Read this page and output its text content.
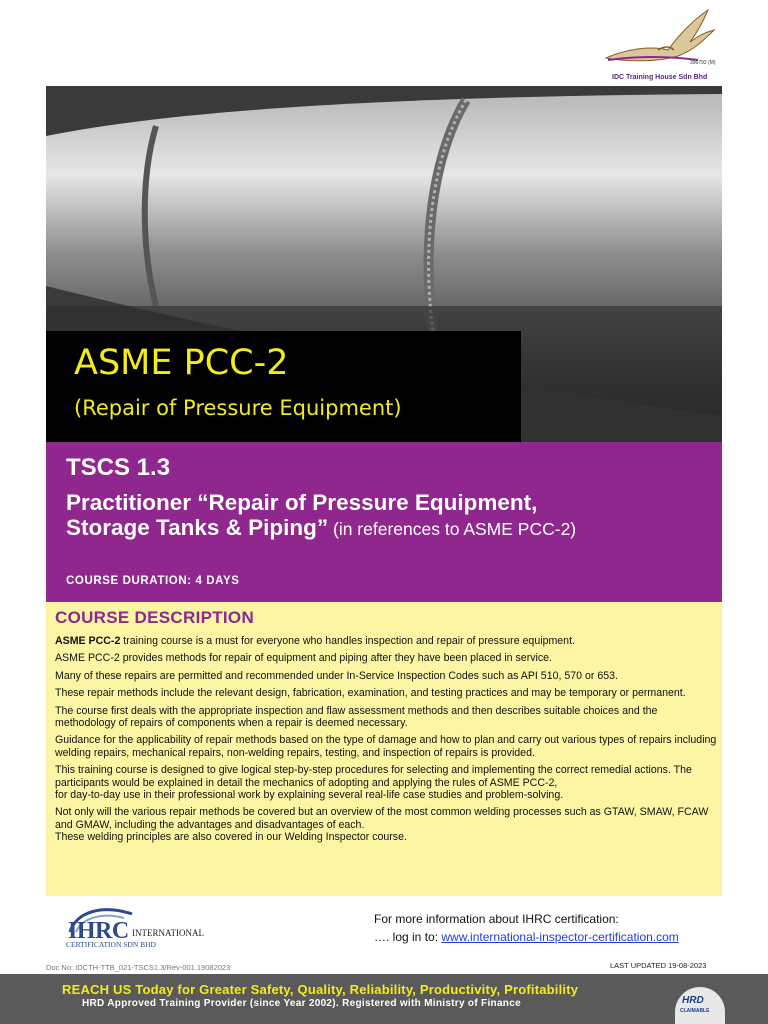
396792 (M)
IDC Training House Sdn Bhd
ASME PCC-2
(Repair of Pressure Equipment)
TSCS 1.3
Practitioner “Repair of Pressure Equipment,
Storage Tanks & Piping” (in references to ASME PCC-2)
COURSE DURATION: 4 DAYS
COURSE DESCRIPTION

ASME PCC-2 training course is a must for everyone who handles inspection and repair of pressure equipment.

ASME PCC-2 provides methods for repair of equipment and piping after they have been placed in service.

Many of these repairs are permitted and recommended under In-Service Inspection Codes such as API 510, 570 or 653.

These repair methods include the relevant design, fabrication, examination, and testing practices and may be temporary or permanent.

The course first deals with the appropriate inspection and flaw assessment methods and then describes suitable choices and the methodology of repairs of components when a repair is deemed necessary.

Guidance for the applicability of repair methods based on the type of damage and how to plan and carry out various types of repairs including welding repairs, mechanical repairs, non-welding repairs, testing, and inspection of repairs is provided.

This training course is designed to give logical step-by-step procedures for selecting and implementing the correct remedial actions. The participants would be explained in detail the mechanics of adopting and applying the rules of ASME PCC-2,
for day-to-day use in their professional work by explaining several real-life case studies and problem-solving.

Not only will the various repair methods be covered but an overview of the most common welding processes such as GTAW, SMAW, FCAW and GMAW, including the advantages and disadvantages of each.
These welding principles are also covered in our Welding Inspector course.

IHRC INTERNATIONAL
CERTIFICATION SDN BHD
For more information about IHRC certification:
…. log in to: www.international-inspector-certification.com
Doc No: IDCTH-TTB_021-TSCS1.3/Rev-001.19082023	LAST UPDATED 19-08-2023
REACH US Today for Greater Safety, Quality, Reliability, Productivity, Profitability
HRD Approved Training Provider (since Year 2002). Registered with Ministry of Finance	HRD
CLAIMABLE
